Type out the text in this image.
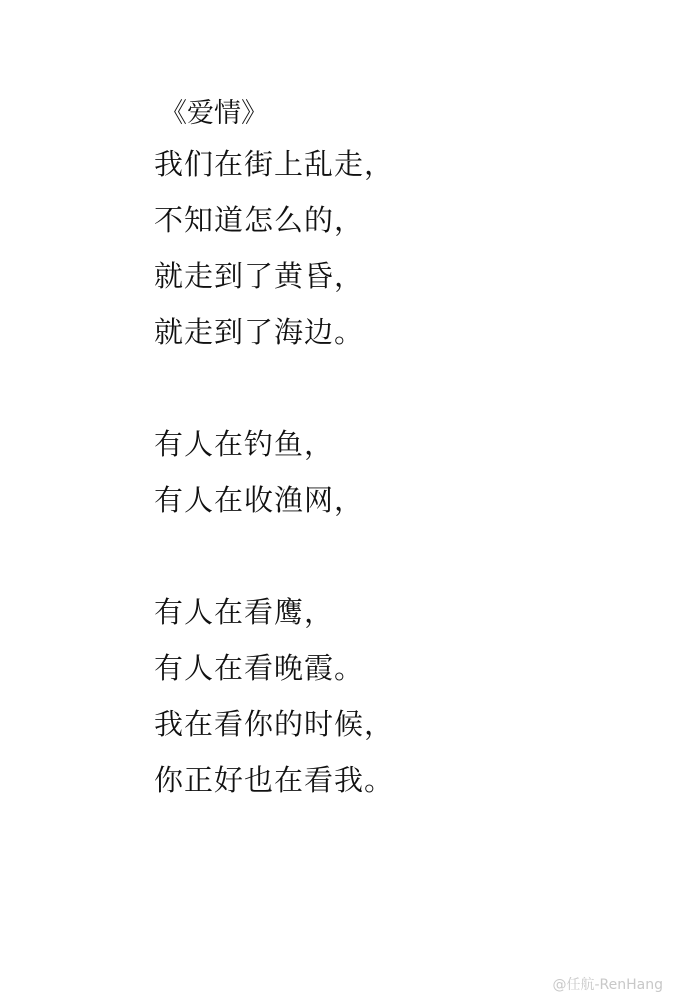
《爱情》
我们在街上乱走，
不知道怎么的，
就走到了黄昏，
就走到了海边。
有人在钓鱼，
有人在收渔网，
有人在看鹰，
有人在看晚霞。
我在看你的时候，
你正好也在看我。
@任航-RenHang
